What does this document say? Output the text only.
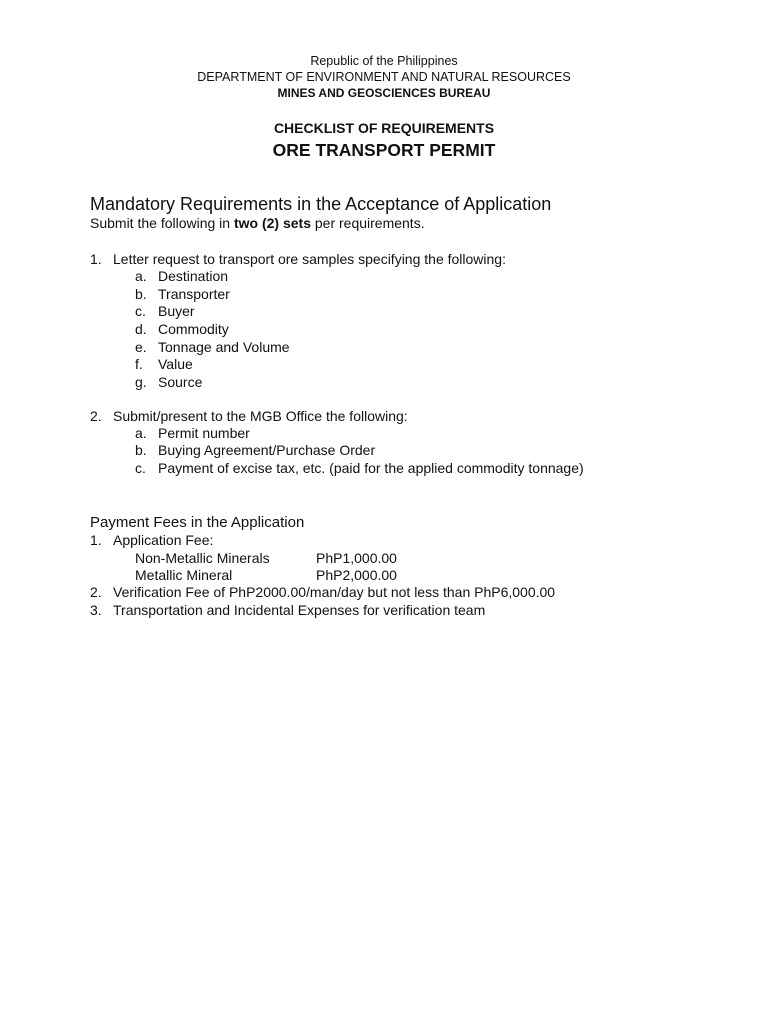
Republic of the Philippines
DEPARTMENT OF ENVIRONMENT AND NATURAL RESOURCES
MINES AND GEOSCIENCES BUREAU
CHECKLIST OF REQUIREMENTS
ORE TRANSPORT PERMIT
Mandatory Requirements in the Acceptance of Application
Submit the following in two (2) sets per requirements.
1. Letter request to transport ore samples specifying the following:
a. Destination
b. Transporter
c. Buyer
d. Commodity
e. Tonnage and Volume
f. Value
g. Source
2. Submit/present to the MGB Office the following:
a. Permit number
b. Buying Agreement/Purchase Order
c. Payment of excise tax, etc. (paid for the applied commodity tonnage)
Payment Fees in the Application
1. Application Fee:
Non-Metallic Minerals	PhP1,000.00
Metallic Mineral	PhP2,000.00
2. Verification Fee of PhP2000.00/man/day but not less than PhP6,000.00
3. Transportation and Incidental Expenses for verification team
